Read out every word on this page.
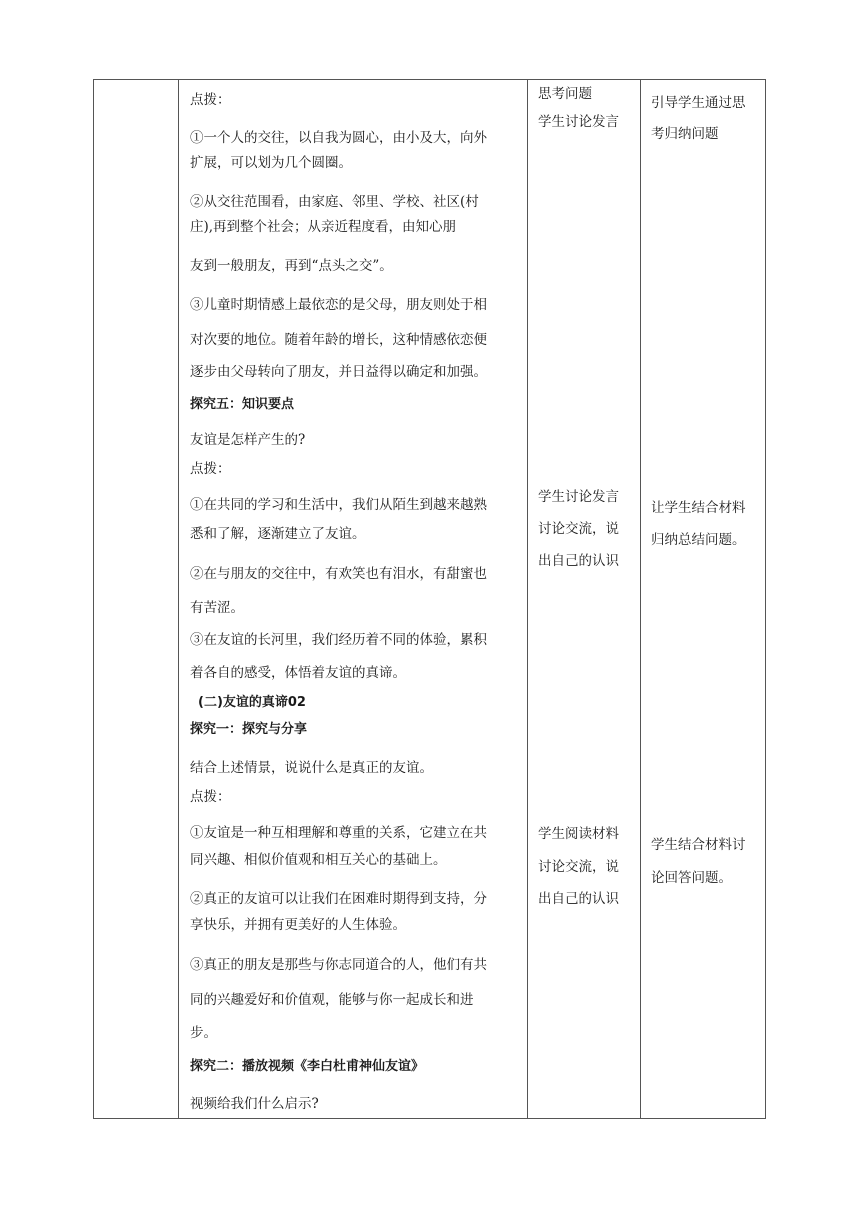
点拨：
①一个人的交往，以自我为圆心，由小及大，向外
扩展，可以划为几个圆圈。
②从交往范围看，由家庭、邻里、学校、社区(村
庄),再到整个社会；从亲近程度看，由知心朋
友到一般朋友，再到“点头之交”。
③儿童时期情感上最依恋的是父母，朋友则处于相
对次要的地位。随着年龄的增长，这种情感依恋便
逐步由父母转向了朋友，并日益得以确定和加强。
探究五：知识要点
友谊是怎样产生的?
点拨：
①在共同的学习和生活中，我们从陌生到越来越熟
悉和了解，逐渐建立了友谊。
②在与朋友的交往中，有欢笑也有泪水，有甜蜜也
有苦涩。
③在友谊的长河里，我们经历着不同的体验，累积
着各自的感受，体悟着友谊的真谛。
(二)友谊的真谛02
探究一：探究与分享
结合上述情景，说说什么是真正的友谊。
点拨：
①友谊是一种互相理解和尊重的关系，它建立在共
同兴趣、相似价值观和相互关心的基础上。
②真正的友谊可以让我们在困难时期得到支持，分
享快乐，并拥有更美好的人生体验。
③真正的朋友是那些与你志同道合的人，他们有共
同的兴趣爱好和价值观，能够与你一起成长和进
步。
探究二：播放视频《李白杜甫神仙友谊》
视频给我们什么启示?
思考问题
学生讨论发言
学生讨论发言
讨论交流，说
出自己的认识
学生阅读材料
讨论交流，说
出自己的认识
引导学生通过思
考归纳问题
让学生结合材料
归纳总结问题。
学生结合材料讨
论回答问题。
